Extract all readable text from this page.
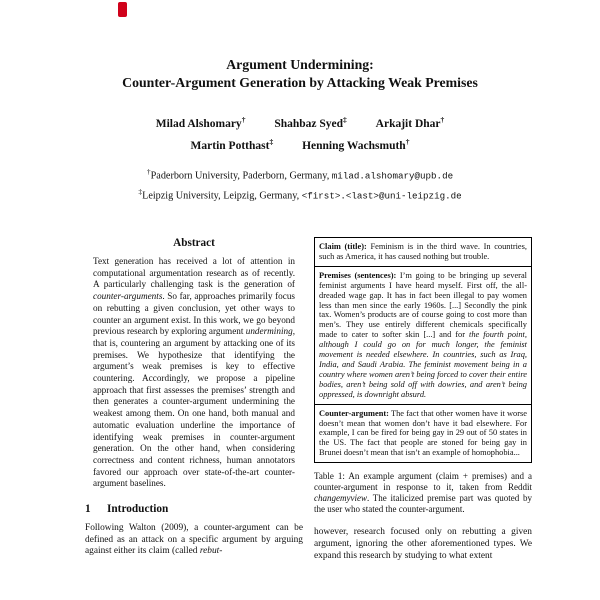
Argument Undermining:
Counter-Argument Generation by Attacking Weak Premises
Milad Alshomary†	Shahbaz Syed‡	Arkajit Dhar†
Martin Potthast‡	Henning Wachsmuth†
†Paderborn University, Paderborn, Germany, milad.alshomary@upb.de
‡Leipzig University, Leipzig, Germany, <first>.<last>@uni-leipzig.de
Abstract

Text generation has received a lot of attention in computational argumentation research as of recently. A particularly challenging task is the generation of counter-arguments. So far, approaches primarily focus on rebutting a given conclusion, yet other ways to counter an argument exist. In this work, we go beyond previous research by exploring argument undermining, that is, countering an argument by attacking one of its premises. We hypothesize that identifying the argument’s weak premises is key to effective countering. Accordingly, we propose a pipeline approach that first assesses the premises’ strength and then generates a counter-argument undermining the weakest among them. On one hand, both manual and automatic evaluation underline the importance of identifying weak premises in counter-argument generation. On the other hand, when considering correctness and content richness, human annotators favored our approach over state-of-the-art counter-argument baselines.

1 Introduction

Following Walton (2009), a counter-argument can be defined as an attack on a specific argument by arguing against either its claim (called rebut-

Claim (title): Feminism is in the third wave. In countries, such as America, it has caused nothing but trouble.
Premises (sentences): I’m going to be bringing up several feminist arguments I have heard myself. First off, the all-dreaded wage gap. It has in fact been illegal to pay women less than men since the early 1960s. [...] Secondly the pink tax. Women’s products are of course going to cost more than men’s. They use entirely different chemicals specifically made to cater to softer skin [...] and for the fourth point, although I could go on for much longer, the feminist movement is needed elsewhere. In countries, such as Iraq, India, and Saudi Arabia. The feminist movement being in a country where women aren’t being forced to cover their entire bodies, aren’t being sold off with dowries, and aren’t being oppressed, is downright absurd.
Counter-argument: The fact that other women have it worse doesn’t mean that women don’t have it bad elsewhere. For example, I can be fired for being gay in 29 out of 50 states in the US. The fact that people are stoned for being gay in Brunei doesn’t mean that isn’t an example of homophobia...

Table 1: An example argument (claim + premises) and a counter-argument in response to it, taken from Reddit changemyview. The italicized premise part was quoted by the user who stated the counter-argument.

however, research focused only on rebutting a given argument, ignoring the other aforementioned types. We expand this research by studying to what extent
